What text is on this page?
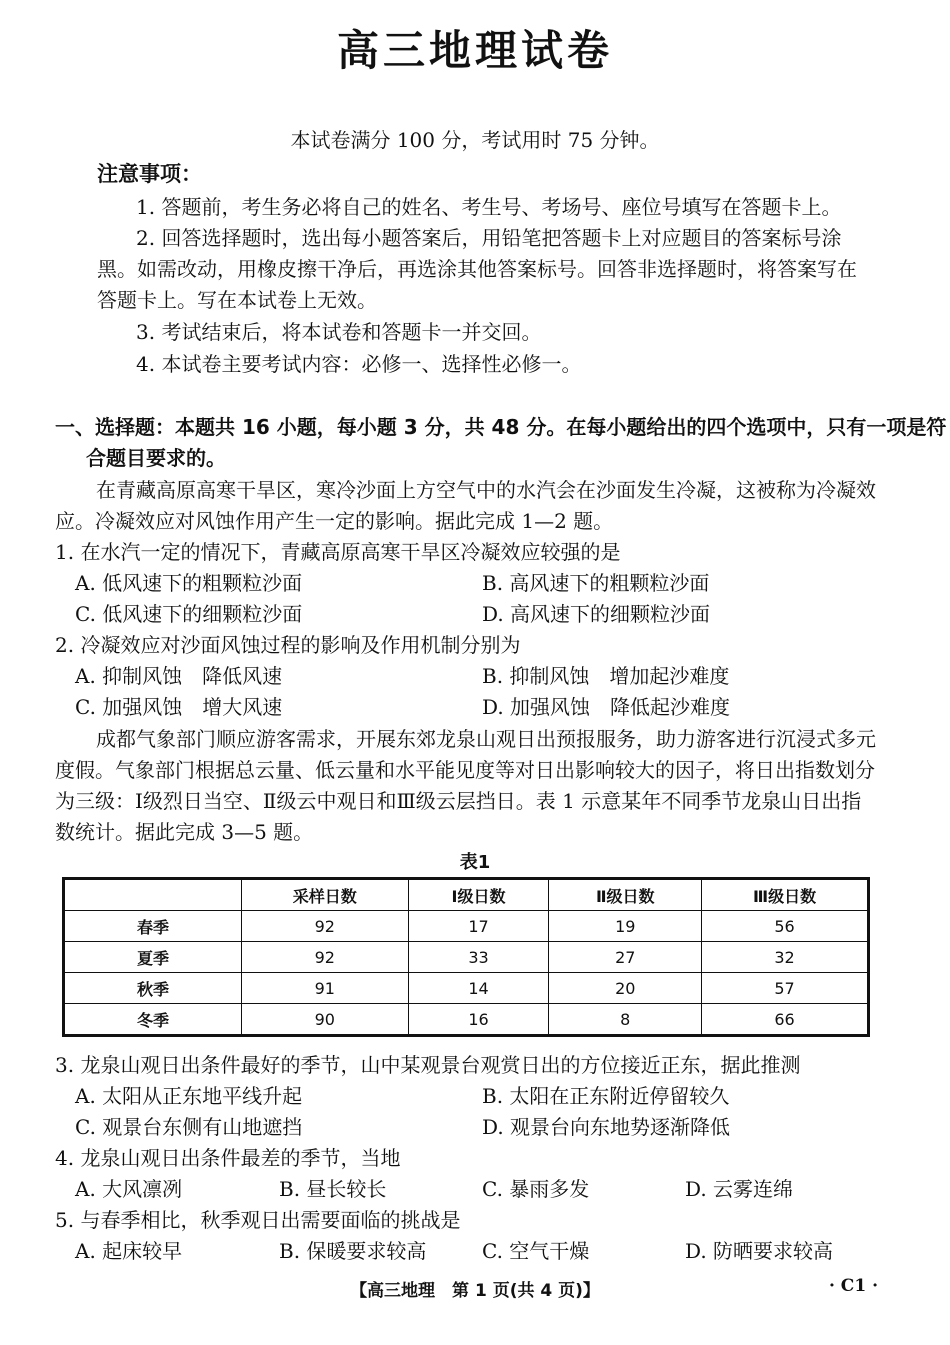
高三地理试卷
本试卷满分 100 分，考试用时 75 分钟。
注意事项：
1. 答题前，考生务必将自己的姓名、考生号、考场号、座位号填写在答题卡上。
2. 回答选择题时，选出每小题答案后，用铅笔把答题卡上对应题目的答案标号涂
黑。如需改动，用橡皮擦干净后，再选涂其他答案标号。回答非选择题时，将答案写在
答题卡上。写在本试卷上无效。
3. 考试结束后，将本试卷和答题卡一并交回。
4. 本试卷主要考试内容：必修一、选择性必修一。
一、选择题：本题共 16 小题，每小题 3 分，共 48 分。在每小题给出的四个选项中，只有一项是符
合题目要求的。
在青藏高原高寒干旱区，寒冷沙面上方空气中的水汽会在沙面发生冷凝，这被称为冷凝效
应。冷凝效应对风蚀作用产生一定的影响。据此完成 1—2 题。
1. 在水汽一定的情况下，青藏高原高寒干旱区冷凝效应较强的是
A. 低风速下的粗颗粒沙面	B. 高风速下的粗颗粒沙面
C. 低风速下的细颗粒沙面	D. 高风速下的细颗粒沙面
2. 冷凝效应对沙面风蚀过程的影响及作用机制分别为
A. 抑制风蚀　降低风速	B. 抑制风蚀　增加起沙难度
C. 加强风蚀　增大风速	D. 加强风蚀　降低起沙难度
成都气象部门顺应游客需求，开展东郊龙泉山观日出预报服务，助力游客进行沉浸式多元
度假。气象部门根据总云量、低云量和水平能见度等对日出影响较大的因子，将日出指数划分
为三级：Ⅰ级烈日当空、Ⅱ级云中观日和Ⅲ级云层挡日。表 1 示意某年不同季节龙泉山日出指
数统计。据此完成 3—5 题。
表1
	采样日数	Ⅰ级日数	Ⅱ级日数	Ⅲ级日数
春季	92	17	19	56
夏季	92	33	27	32
秋季	91	14	20	57
冬季	90	16	8	66
3. 龙泉山观日出条件最好的季节，山中某观景台观赏日出的方位接近正东，据此推测
A. 太阳从正东地平线升起	B. 太阳在正东附近停留较久
C. 观景台东侧有山地遮挡	D. 观景台向东地势逐渐降低
4. 龙泉山观日出条件最差的季节，当地
A. 大风凛冽	B. 昼长较长	C. 暴雨多发	D. 云雾连绵
5. 与春季相比，秋季观日出需要面临的挑战是
A. 起床较早	B. 保暖要求较高	C. 空气干燥	D. 防晒要求较高
【高三地理　第 1 页(共 4 页)】	· C1 ·
